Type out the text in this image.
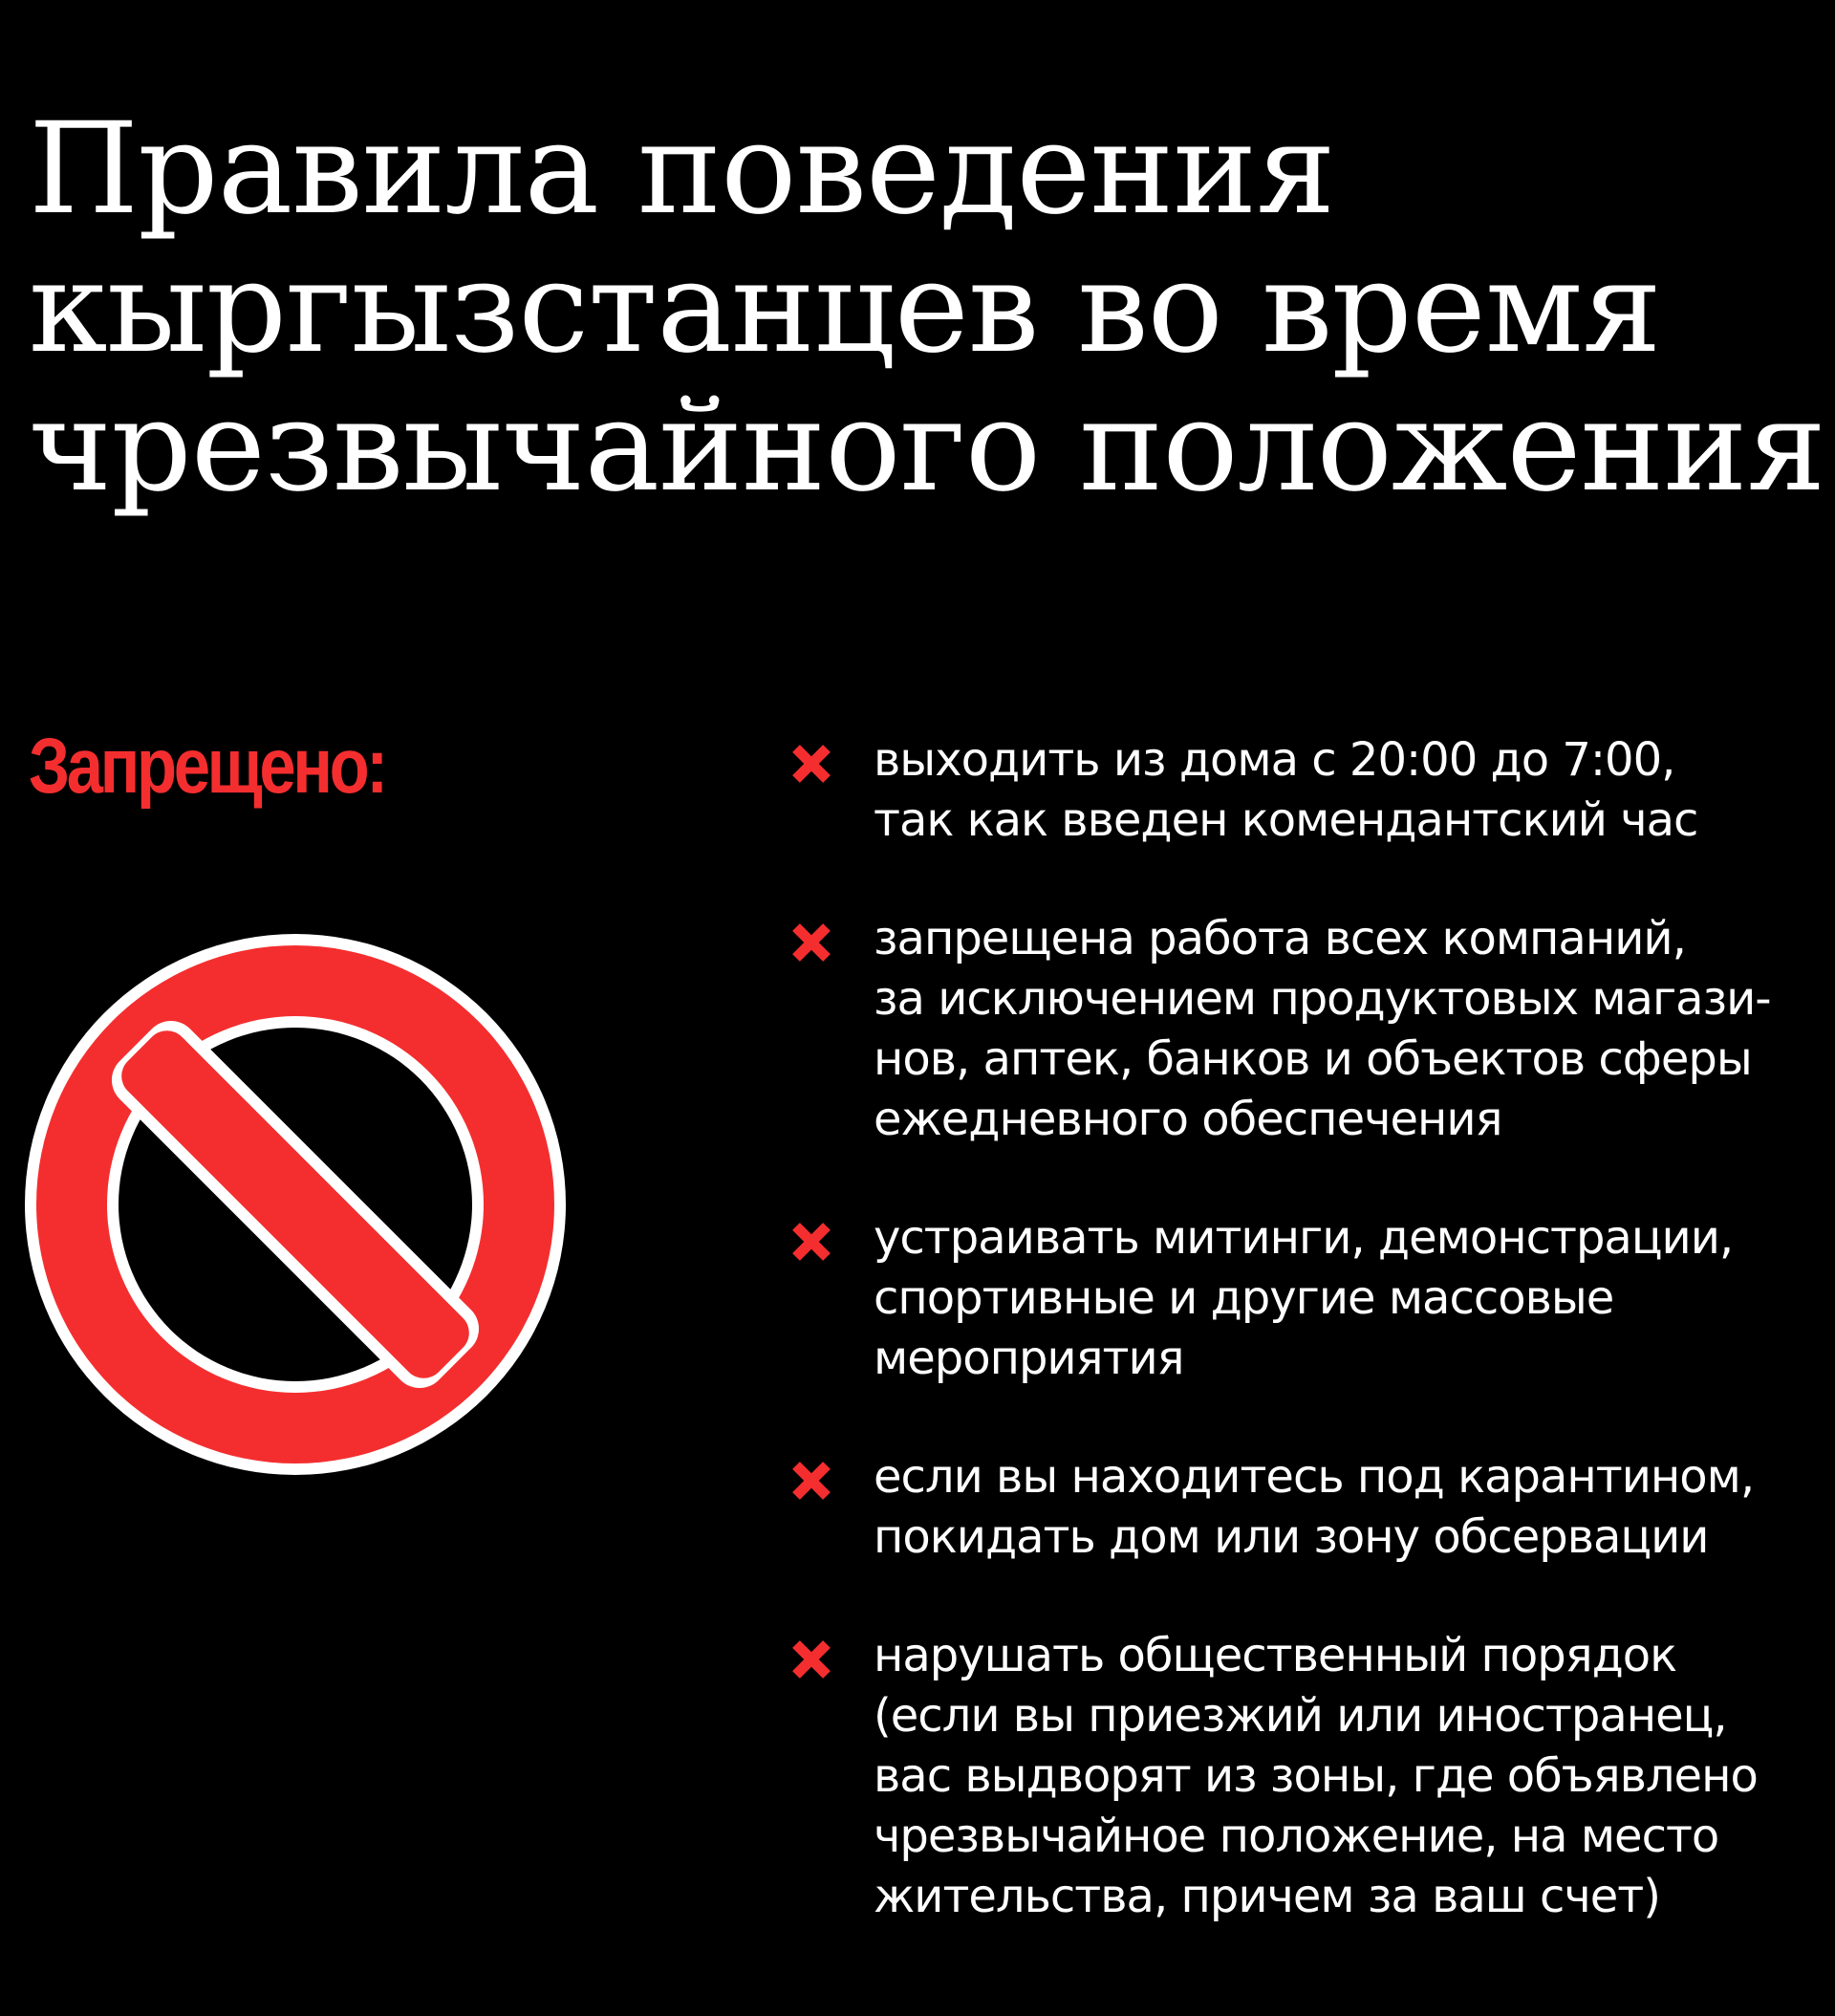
Правила поведения
кыргызстанцев во время
чрезвычайного положения
Запрещено:	выходить из дома с 20:00 до 7:00,
так как введен комендантский час
запрещена работа всех компаний,
за исключением продуктовых магази-
нов, аптек, банков и объектов сферы
ежедневного обеспечения
устраивать митинги, демонстрации,
спортивные и другие массовые
мероприятия
если вы находитесь под карантином,
покидать дом или зону обсервации
нарушать общественный порядок
(если вы приезжий или иностранец,
вас выдворят из зоны, где объявлено
чрезвычайное положение, на место
жительства, причем за ваш счет)
